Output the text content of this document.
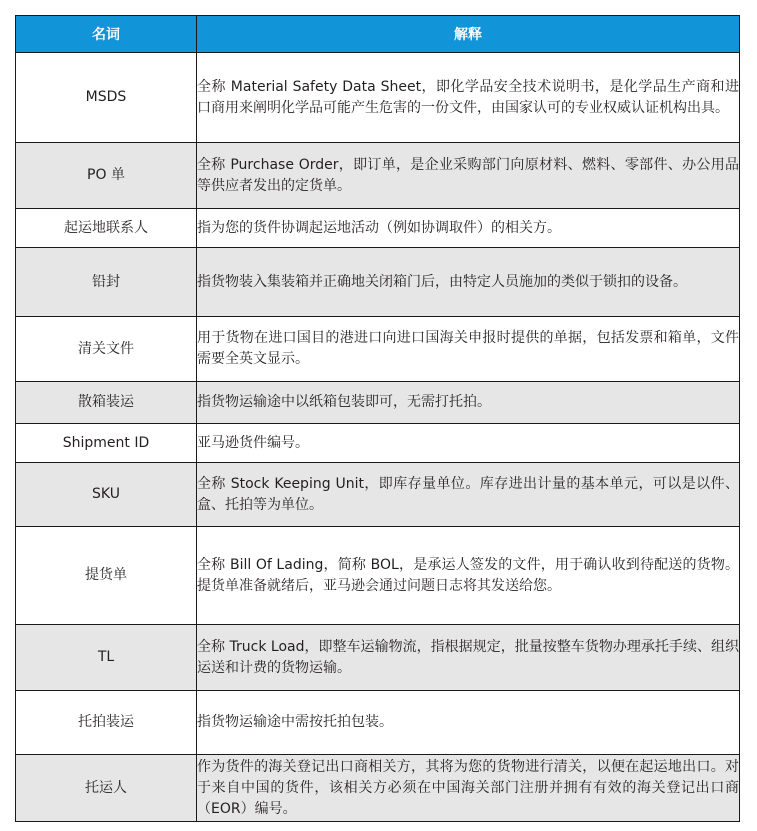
名词	解释
MSDS	全称 Material Safety Data Sheet，即化学品安全技术说明书，是化学品生产商和进口商用来阐明化学品可能产生危害的一份文件，由国家认可的专业权威认证机构出具。
PO 单	全称 Purchase Order，即订单，是企业采购部门向原材料、燃料、零部件、办公用品等供应者发出的定货单。
起运地联系人	指为您的货件协调起运地活动（例如协调取件）的相关方。
铅封	指货物装入集装箱并正确地关闭箱门后，由特定人员施加的类似于锁扣的设备。
清关文件	用于货物在进口国目的港进口向进口国海关申报时提供的单据，包括发票和箱单，文件需要全英文显示。
散箱装运	指货物运输途中以纸箱包装即可，无需打托拍。
Shipment ID	亚马逊货件编号。
SKU	全称 Stock Keeping Unit，即库存量单位。库存进出计量的基本单元，可以是以件、盒、托拍等为单位。
提货单	全称 Bill Of Lading，简称 BOL，是承运人签发的文件，用于确认收到待配送的货物。提货单准备就绪后，亚马逊会通过问题日志将其发送给您。
TL	全称 Truck Load，即整车运输物流，指根据规定，批量按整车货物办理承托手续、组织运送和计费的货物运输。
托拍装运	指货物运输途中需按托拍包装。
托运人	作为货件的海关登记出口商相关方，其将为您的货物进行清关，以便在起运地出口。对于来自中国的货件，该相关方必须在中国海关部门注册并拥有有效的海关登记出口商（EOR）编号。
